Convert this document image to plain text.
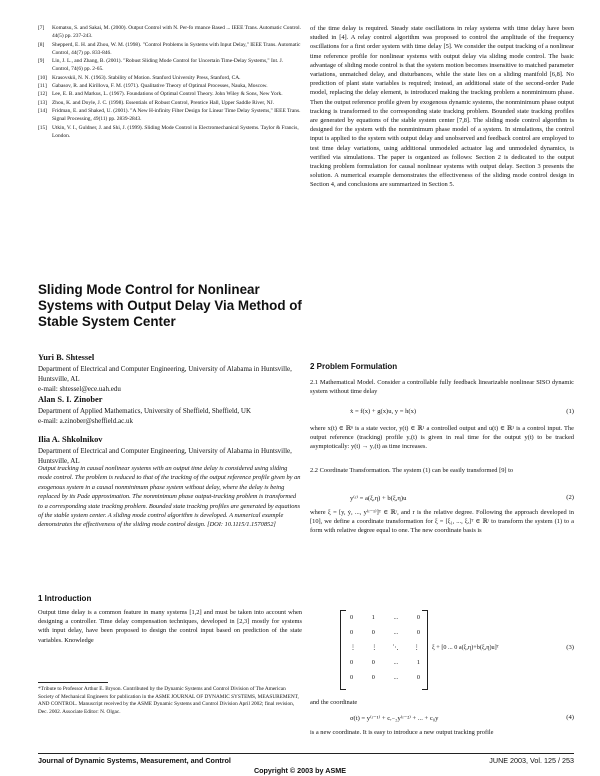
[7]	Komatsu, S. and Sakai, M. (2000). Output Control with N. Per-fo rmance Based ... IEEE Trans. Automatic Control. 44(5) pp. 237-243.
[8]	Shepperd, E. H. and Zhou, W. M. (1998). "Control Problems in Systems with Input Delay," IEEE Trans. Automatic Control, 44(7) pp. 833-846.
[9]	Lin, J. L., and Zhang, B. (2001). "Robust Sliding Mode Control for Uncertain Time-Delay Systems," Int. J. Control, 74(6) pp. 2-65.
[10] Krasovskii, N. N. (1963). Stability of Motion. Stanford University Press, Stanford, CA.
[11] Gabasov, R. and Kirillova, F. M. (1971). Qualitative Theory of Optimal Processes, Nauka, Moscow.
[12] Lee, E. B. and Markus, L. (1967). Foundations of Optimal Control Theory. John Wiley & Sons, New York.
[13] Zhou, K. and Doyle, J. C. (1998). Essentials of Robust Control, Prentice Hall, Upper Saddle River, NJ.
[14] Fridman, E. and Shaked, U. (2001). "A New H-infinity Filter Design for Linear Time Delay Systems," IEEE Trans. Signal Processing, 49(11) pp. 2839-2843.
[15] Utkin, V. I., Guldner, J. and Shi, J. (1999). Sliding Mode Control in Electromechanical Systems. Taylor & Francis, London.
Sliding Mode Control for Nonlinear Systems with Output Delay Via Method of Stable System Center
Yuri B. Shtessel
Department of Electrical and Computer Engineering, University of Alabama in Huntsville, Huntsville, AL
e-mail: shtessel@ece.uah.edu
Alan S. I. Zinober
Department of Applied Mathematics, University of Sheffield, Sheffield, UK
e-mail: a.zinober@sheffield.ac.uk
Ilia A. Shkolnikov
Department of Electrical and Computer Engineering, University of Alabama in Huntsville, Huntsville, AL
Output tracking in causal nonlinear systems with an output time delay is considered using sliding mode control. The problem is reduced to that of the tracking of the output reference profile given by an exogenous system in a causal nonminimum phase system without delay, where the delay is being replaced by its Pade approximation. The nonminimum phase output-tracking problem is transformed to a corresponding state tracking problem. Bounded state tracking profiles are generated by equations of the stable system center. A sliding mode control algorithm is developed. A numerical example demonstrates the effectiveness of the sliding mode control design. [DOI: 10.1115/1.1570852]
1 Introduction
Output time delay is a common feature in many systems [1,2] and must be taken into account when designing a controller. Time delay compensation techniques, developed in [2,3] mostly for systems with input delay, have been proposed to design the control input based on prediction of the state variables. Knowledge
*Tribute to Professor Arthur E. Bryson. Contributed by the Dynamic Systems and Control Division of The American Society of Mechanical Engineers for publication in the ASME JOURNAL OF DYNAMIC SYSTEMS, MEASUREMENT, AND CONTROL. Manuscript received by the ASME Dynamic Systems and Control Division April 2002; final revision, Dec. 2002. Associate Editor: N. Olgac.
of the time delay is required. Steady state oscillations in relay systems with time delay have been studied in [4]. A relay control algorithm was proposed to control the amplitude of the frequency oscillations for a first order system with time delay [5]. We consider the output tracking of a nonlinear time reference profile for nonlinear systems with output delay via sliding mode control. The basic advantage of sliding mode control is that the system motion becomes insensitive to matched parameter variations, unmatched delay, and disturbances, while the state lies on a sliding manifold [6,8]. No prediction of plant state variables is required; instead, an additional state of the second-order Pade model, replacing the delay element, is introduced making the tracking problem a nonminimum phase. Then the output reference profile given by exogenous dynamic systems, the nonminimum phase output tracking is transformed to the corresponding state tracking problem. Bounded state tracking profiles are generated by equations of the stable system center [7,8]. The sliding mode control algorithm is designed for the system with the nonminimum phase model of a system. In simulations, the control input is applied to the system with output delay and unobserved and feedback control are employed to test time delay variations, using additional unmodeled actuator lag and unmodeled dynamics, is verified via simulations. The paper is organized as follows: Section 2 is dedicated to the output tracking problem formulation for causal nonlinear systems with output delay. Section 3 presents the solution. A numerical example demonstrates the effectiveness of the sliding mode control design in Section 4, and conclusions are summarized in Section 5.
2 Problem Formulation
2.1 Mathematical Model. Consider a controllable fully feedback linearizable nonlinear SISO dynamic system without time delay
ẋ = f(x) + g(x)u, y = h(x)	(1)
where x(t) ∈ ℝⁿ is a state vector, y(t) ∈ ℝ¹ a controlled output and u(t) ∈ ℝ¹ is a control input. The output reference (tracking) profile yᵣ(t) is given in real time for the output y(t) to be tracked asymptotically: y(t) → yᵣ(t) as time increases.
2.2 Coordinate Transformation. The system (1) can be easily transformed [9] to
y⁽ʳ⁾ = a(ξ,η) + b(ξ,η)u	(2)
where ξ = [y, ẏ, ..., y⁽ʳ⁻¹⁾]ᵀ ∈ ℝʳ, and r is the relative degree. Following the approach developed in [10], we define a coordinate transformation for ξ = [ξ₁, ..., ξᵣ]ᵀ ∈ ℝʳ to transform the system (1) to a form with relative degree equal to one. The new coordinate basis is
0	1	...	0
0	0	...	0
⋮ ⋮ ⋱ ⋮
0	0	...	1
0	0	...	0
ξ + [0 ... 0 a(ξ,η)+b(ξ,η)u]ᵀ	(3)
and the coordinate
σ(t) = y⁽ʳ⁻¹⁾ + cᵣ₋₂y⁽ʳ⁻²⁾ + ... + c₀y	(4)
is a new coordinate. It is easy to introduce a new output tracking profile
Journal of Dynamic Systems, Measurement, and Control	JUNE 2003, Vol. 125 / 253
Copyright © 2003 by ASME
